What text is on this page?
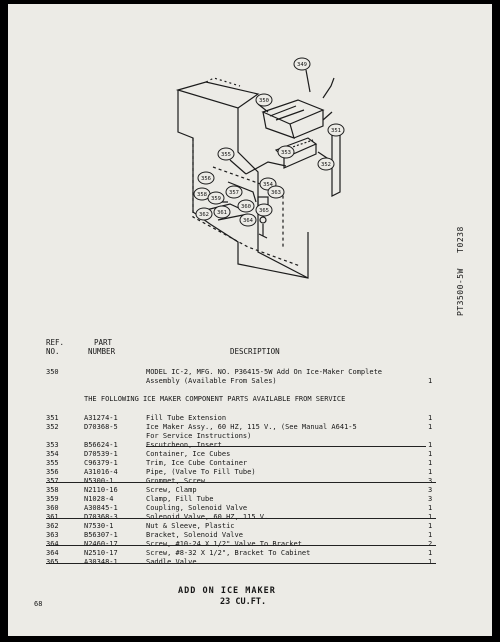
349
350
351
352
353
354
355
356
357
358
359
360
361
362
363
364
365
PT3500-5W T0238
REF.
NO.
PART
NUMBER	DESCRIPTION
350	MODEL IC-2, MFG. NO. P36415-5W Add On Ice-Maker Complete
Assembly (Available From Sales)	1
THE FOLLOWING ICE MAKER COMPONENT PARTS AVAILABLE FROM SERVICE
351	A31274-1	Fill Tube Extension	1
352	D70368-5	Ice Maker Assy., 60 HZ, 115 V., (See Manual A641-5	1
For Service Instructions)
353	B56624-1	Escutcheon, Insert	1
354	D70539-1	Container, Ice Cubes	1
355	C96379-1	Trim, Ice Cube Container	1
356	A31016-4	Pipe, (Valve To Fill Tube)	1
357	N5300-1	Grommet, Screw	3
358	N2110-16	Screw, Clamp	3
359	N1028-4	Clamp, Fill Tube	3
360	A30845-1	Coupling, Solenoid Valve	1
361	D70368-3	Solenoid Valve, 60 HZ, 115 V.	1
362	N7530-1	Nut & Sleeve, Plastic	1
363	B56307-1	Bracket, Solenoid Valve	1
364	N2460-17	Screw, #10-24 X 1/2" Valve To Bracket	2
364	N2510-17	Screw, #8-32 X 1/2", Bracket To Cabinet	1
365	A30348-1	Saddle Valve	1
68
ADD ON ICE MAKER
23 CU.FT.
